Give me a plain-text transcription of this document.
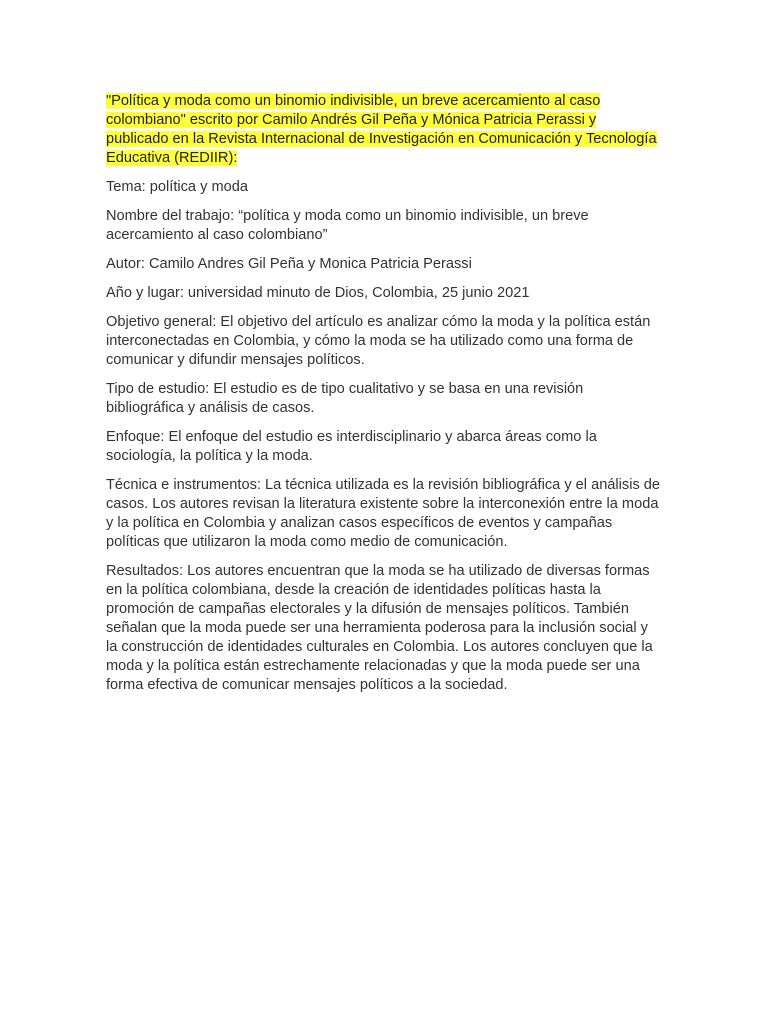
"Política y moda como un binomio indivisible, un breve acercamiento al caso colombiano" escrito por Camilo Andrés Gil Peña y Mónica Patricia Perassi y publicado en la Revista Internacional de Investigación en Comunicación y Tecnología Educativa (REDIIR):

Tema: política y moda

Nombre del trabajo: “política y moda como un binomio indivisible, un breve acercamiento al caso colombiano”

Autor: Camilo Andres Gil Peña y Monica Patricia Perassi

Año y lugar: universidad minuto de Dios, Colombia, 25 junio 2021

Objetivo general: El objetivo del artículo es analizar cómo la moda y la política están interconectadas en Colombia, y cómo la moda se ha utilizado como una forma de comunicar y difundir mensajes políticos.

Tipo de estudio: El estudio es de tipo cualitativo y se basa en una revisión bibliográfica y análisis de casos.

Enfoque: El enfoque del estudio es interdisciplinario y abarca áreas como la sociología, la política y la moda.

Técnica e instrumentos: La técnica utilizada es la revisión bibliográfica y el análisis de casos. Los autores revisan la literatura existente sobre la interconexión entre la moda y la política en Colombia y analizan casos específicos de eventos y campañas políticas que utilizaron la moda como medio de comunicación.

Resultados: Los autores encuentran que la moda se ha utilizado de diversas formas en la política colombiana, desde la creación de identidades políticas hasta la promoción de campañas electorales y la difusión de mensajes políticos. También señalan que la moda puede ser una herramienta poderosa para la inclusión social y la construcción de identidades culturales en Colombia. Los autores concluyen que la moda y la política están estrechamente relacionadas y que la moda puede ser una forma efectiva de comunicar mensajes políticos a la sociedad.
